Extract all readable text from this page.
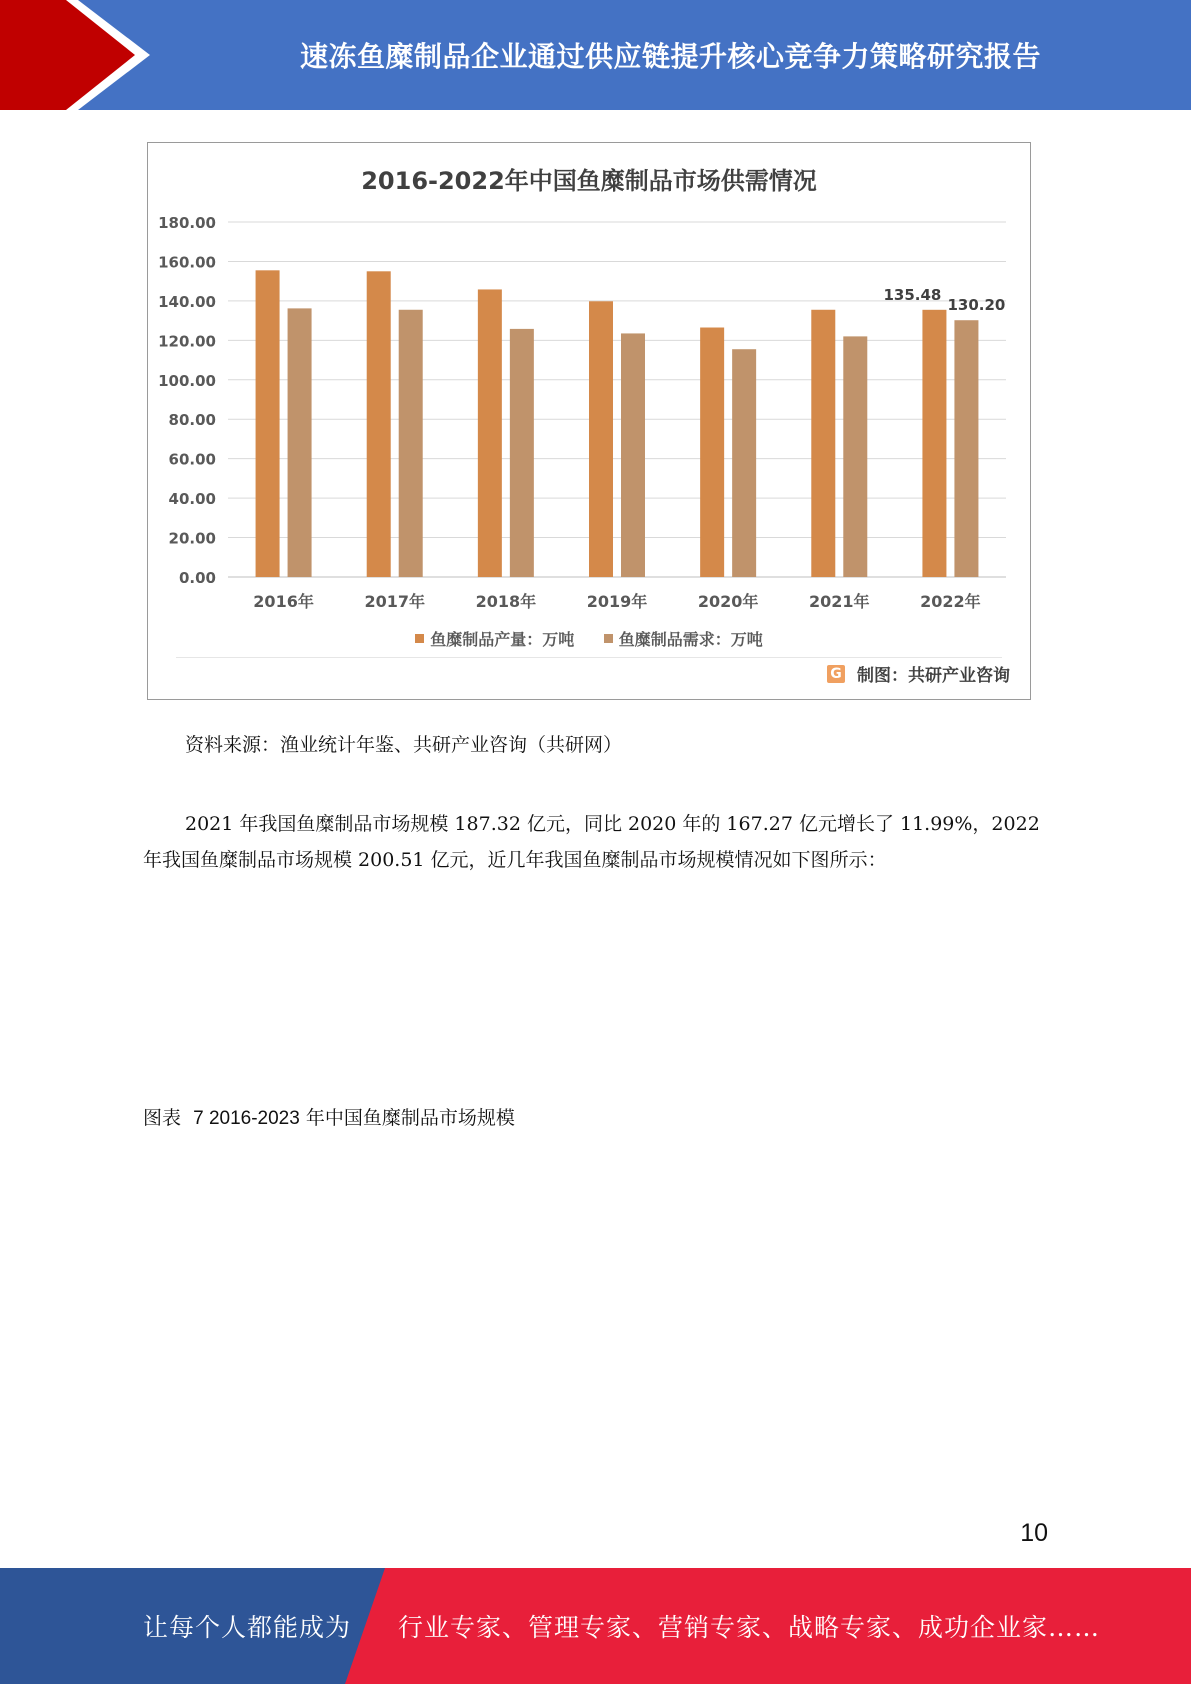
速冻鱼糜制品企业通过供应链提升核心竞争力策略研究报告
2016-2022年中国鱼糜制品市场供需情况
0.00
20.00
40.00
60.00
80.00
100.00
120.00
140.00
160.00
180.00
2016年	2017年	2018年	2019年	2020年	2021年	2022年
135.48
130.20
鱼糜制品产量：万吨
	鱼糜制品需求：万吨
G 制图：共研产业咨询
资料来源：渔业统计年鉴、共研产业咨询（共研网）

2021 年我国鱼糜制品市场规模 187.32 亿元，同比 2020 年的 167.27 亿元增长了 11.99%，2022 年我国鱼糜制品市场规模 200.51 亿元，近几年我国鱼糜制品市场规模情况如下图所示：

图表 7 2016-2023 年中国鱼糜制品市场规模
10
让每个人都能成为 行业专家、管理专家、营销专家、战略专家、成功企业家……
